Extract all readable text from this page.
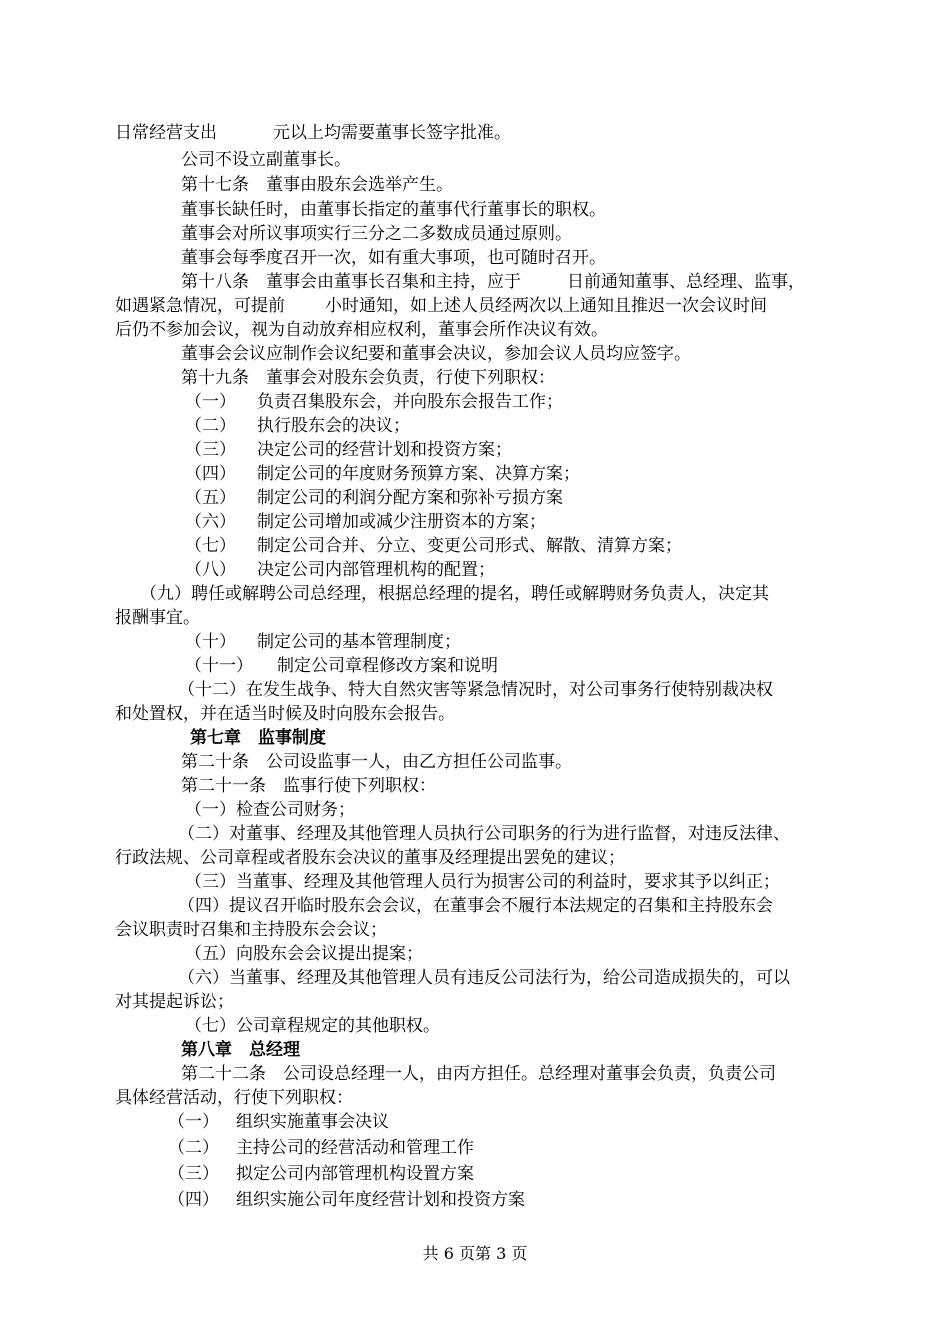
日常经营支出	元以上均需要董事长签字批准。
公司不设立副董事长。
第十七条　董事由股东会选举产生。
董事长缺任时，由董事长指定的董事代行董事长的职权。
董事会对所议事项实行三分之二多数成员通过原则。
董事会每季度召开一次，如有重大事项，也可随时召开。
第十八条　董事会由董事长召集和主持，应于	日前通知董事、总经理、监事，
如遇紧急情况，可提前 小时通知，如上述人员经两次以上通知且推迟一次会议时间
后仍不参加会议，视为自动放弃相应权利，董事会所作决议有效。
董事会会议应制作会议纪要和董事会决议，参加会议人员均应签字。
第十九条　董事会对股东会负责，行使下列职权：
（一） 负责召集股东会，并向股东会报告工作；
（二） 执行股东会的决议；
（三） 决定公司的经营计划和投资方案；
（四） 制定公司的年度财务预算方案、决算方案；
（五） 制定公司的利润分配方案和弥补亏损方案
（六） 制定公司增加或减少注册资本的方案；
（七） 制定公司合并、分立、变更公司形式、解散、清算方案；
（八） 决定公司内部管理机构的配置；
（九）聘任或解聘公司总经理，根据总经理的提名，聘任或解聘财务负责人，决定其
报酬事宜。
（十） 制定公司的基本管理制度；
（十一） 制定公司章程修改方案和说明
（十二）在发生战争、特大自然灾害等紧急情况时，对公司事务行使特别裁决权
和处置权，并在适当时候及时向股东会报告。
第七章　监事制度
第二十条　公司设监事一人，由乙方担任公司监事。
第二十一条　监事行使下列职权：
（一）检查公司财务；
（二）对董事、经理及其他管理人员执行公司职务的行为进行监督，对违反法律、
行政法规、公司章程或者股东会决议的董事及经理提出罢免的建议；
（三）当董事、经理及其他管理人员行为损害公司的利益时，要求其予以纠正；
（四）提议召开临时股东会会议，在董事会不履行本法规定的召集和主持股东会
会议职责时召集和主持股东会会议；
（五）向股东会会议提出提案；
（六）当董事、经理及其他管理人员有违反公司法行为，给公司造成损失的，可以
对其提起诉讼；
（七）公司章程规定的其他职权。
第八章　总经理
第二十二条　公司设总经理一人，由丙方担任。总经理对董事会负责，负责公司
具体经营活动，行使下列职权：
（一） 组织实施董事会决议
（二） 主持公司的经营活动和管理工作
（三） 拟定公司内部管理机构设置方案
（四） 组织实施公司年度经营计划和投资方案
共 6 页第 3 页
